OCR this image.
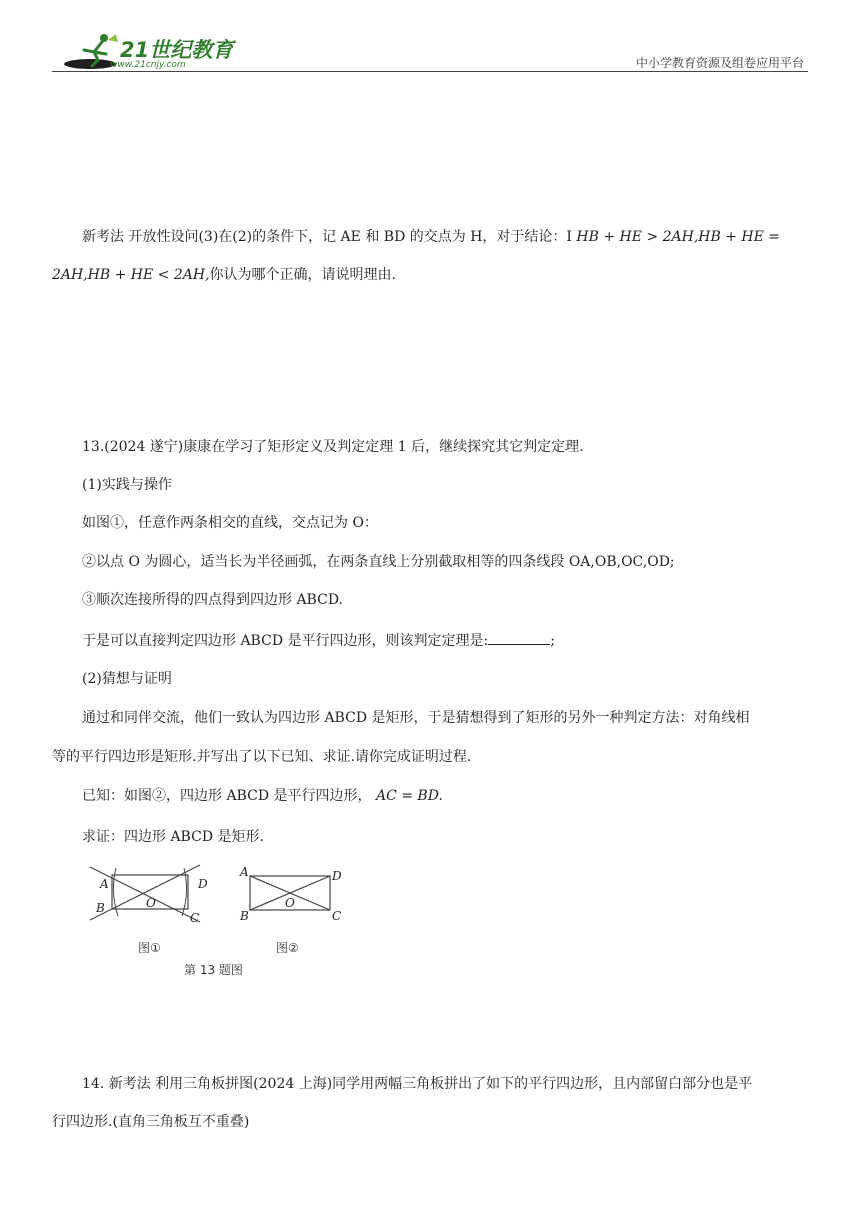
21世纪教育
www.21cnjy.com	中小学教育资源及组卷应用平台
新考法 开放性设问(3)在(2)的条件下，记 AE 和 BD 的交点为 H，对于结论：I HB + HE > 2AH,HB + HE =
2AH,HB + HE < 2AH,你认为哪个正确，请说明理由.
13.(2024 遂宁)康康在学习了矩形定义及判定定理 1 后，继续探究其它判定定理.
(1)实践与操作
如图①，任意作两条相交的直线，交点记为 O：
②以点 O 为圆心，适当长为半径画弧，在两条直线上分别截取相等的四条线段 OA,OB,OC,OD;
③顺次连接所得的四点得到四边形 ABCD.
于是可以直接判定四边形 ABCD 是平行四边形，则该判定定理是:	;
(2)猜想与证明
通过和同伴交流，他们一致认为四边形 ABCD 是矩形，于是猜想得到了矩形的另外一种判定方法：对角线相
等的平行四边形是矩形.并写出了以下已知、求证.请你完成证明过程.
已知：如图②，四边形 ABCD 是平行四边形， AC = BD.
求证：四边形 ABCD 是矩形.
A
B
C
D
O
A
B	C
D
O
图①	图②
第 13 题图
14. 新考法 利用三角板拼图(2024 上海)同学用两幅三角板拼出了如下的平行四边形，且内部留白部分也是平
行四边形.(直角三角板互不重叠)
